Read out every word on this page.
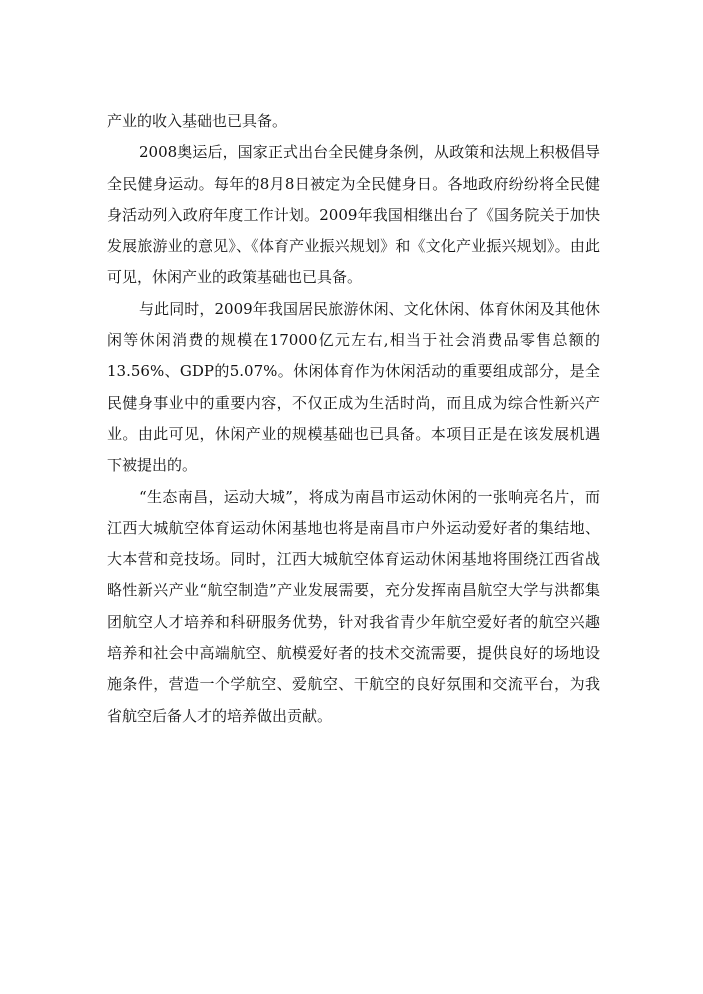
产业的收入基础也已具备。

2008奥运后，国家正式出台全民健身条例，从政策和法规上积极倡导全民健身运动。每年的8月8日被定为全民健身日。各地政府纷纷将全民健身活动列入政府年度工作计划。2009年我国相继出台了《国务院关于加快发展旅游业的意见》、《体育产业振兴规划》和《文化产业振兴规划》。由此可见，休闲产业的政策基础也已具备。

与此同时，2009年我国居民旅游休闲、文化休闲、体育休闲及其他休闲等休闲消费的规模在17000亿元左右,相当于社会消费品零售总额的13.56%、GDP的5.07%。休闲体育作为休闲活动的重要组成部分，是全民健身事业中的重要内容，不仅正成为生活时尚，而且成为综合性新兴产业。由此可见，休闲产业的规模基础也已具备。本项目正是在该发展机遇下被提出的。

“生态南昌，运动大城”，将成为南昌市运动休闲的一张响亮名片，而江西大城航空体育运动休闲基地也将是南昌市户外运动爱好者的集结地、大本营和竞技场。同时，江西大城航空体育运动休闲基地将围绕江西省战略性新兴产业“航空制造”产业发展需要，充分发挥南昌航空大学与洪都集团航空人才培养和科研服务优势，针对我省青少年航空爱好者的航空兴趣培养和社会中高端航空、航模爱好者的技术交流需要，提供良好的场地设施条件，营造一个学航空、爱航空、干航空的良好氛围和交流平台，为我省航空后备人才的培养做出贡献。
